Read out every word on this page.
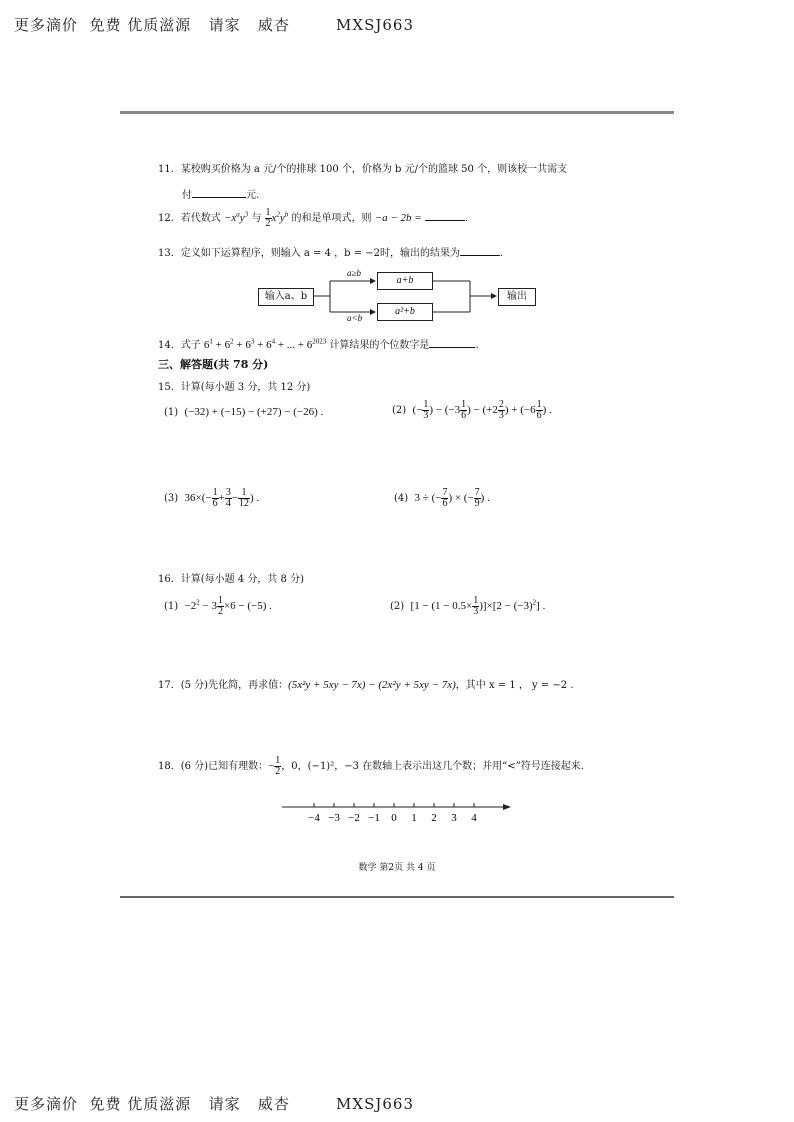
更多滴价  免费 优质滋源   请家   威杏        MXSJ663
11．某校购买价格为 a 元/个的排球 100 个，价格为 b 元/个的篮球 50 个，则该校一共需支
付	元.
12．若代数式 $-x^ay^3$ 与 $\frac{1}{2} x^2y^b$ 的和是单项式，则 −a − 2b =	.
13．定义如下运算程序，则输入 a = 4 ，b = −2时，输出的结果为	.
输入a、b
a≥b
a<b
a+b
a²+b
输出
14．式子 $6^1 + 6^2 + 6^3 + 6^4$ + ... + $6^{2023}$ 计算结果的个位数字是	.
三、解答题(共 78 分)
15．计算(每小题 3 分，共 12 分)
(1) (−32) + (−15) − (+27) − (−26) .	(2) (− $\frac{1}{3}$ ) − ($-3 \frac{1}{6}$ ) − ($+2 \frac{2}{3}$ ) + ($-6 \frac{1}{6}$ ) .
(3) $36\times(- \frac{1}{6} + \frac{3}{4} - \frac{1}{12}$ ) .	(4) 3 ÷ (− $\frac{7}{6}$ ) × (− $\frac{7}{9}$ ) .
16．计算(每小题 4 分，共 8 分)
$(1) -2^2 - 3 \frac{1}{2} \times 6 - (-5)$ .	(2) $[1 - (1 - 0.5\times \frac{1}{3} )]\times[2 - (-3)^2]$ .
17．(5 分)先化简，再求值：(5x²y + 5xy − 7x) − (2x²y + 5xy − 7x)，其中 x = 1 ， y = −2 .
18．(6 分)已知有理数：− $\frac{1}{2}$ ，0，(−1)²，−3 在数轴上表示出这几个数；并用“<”符号连接起来.
−4 −3 −2 −1 0 1 2 3 4
数学 第2页 共 4 页
更多滴价  免费 优质滋源   请家   威杏        MXSJ663
